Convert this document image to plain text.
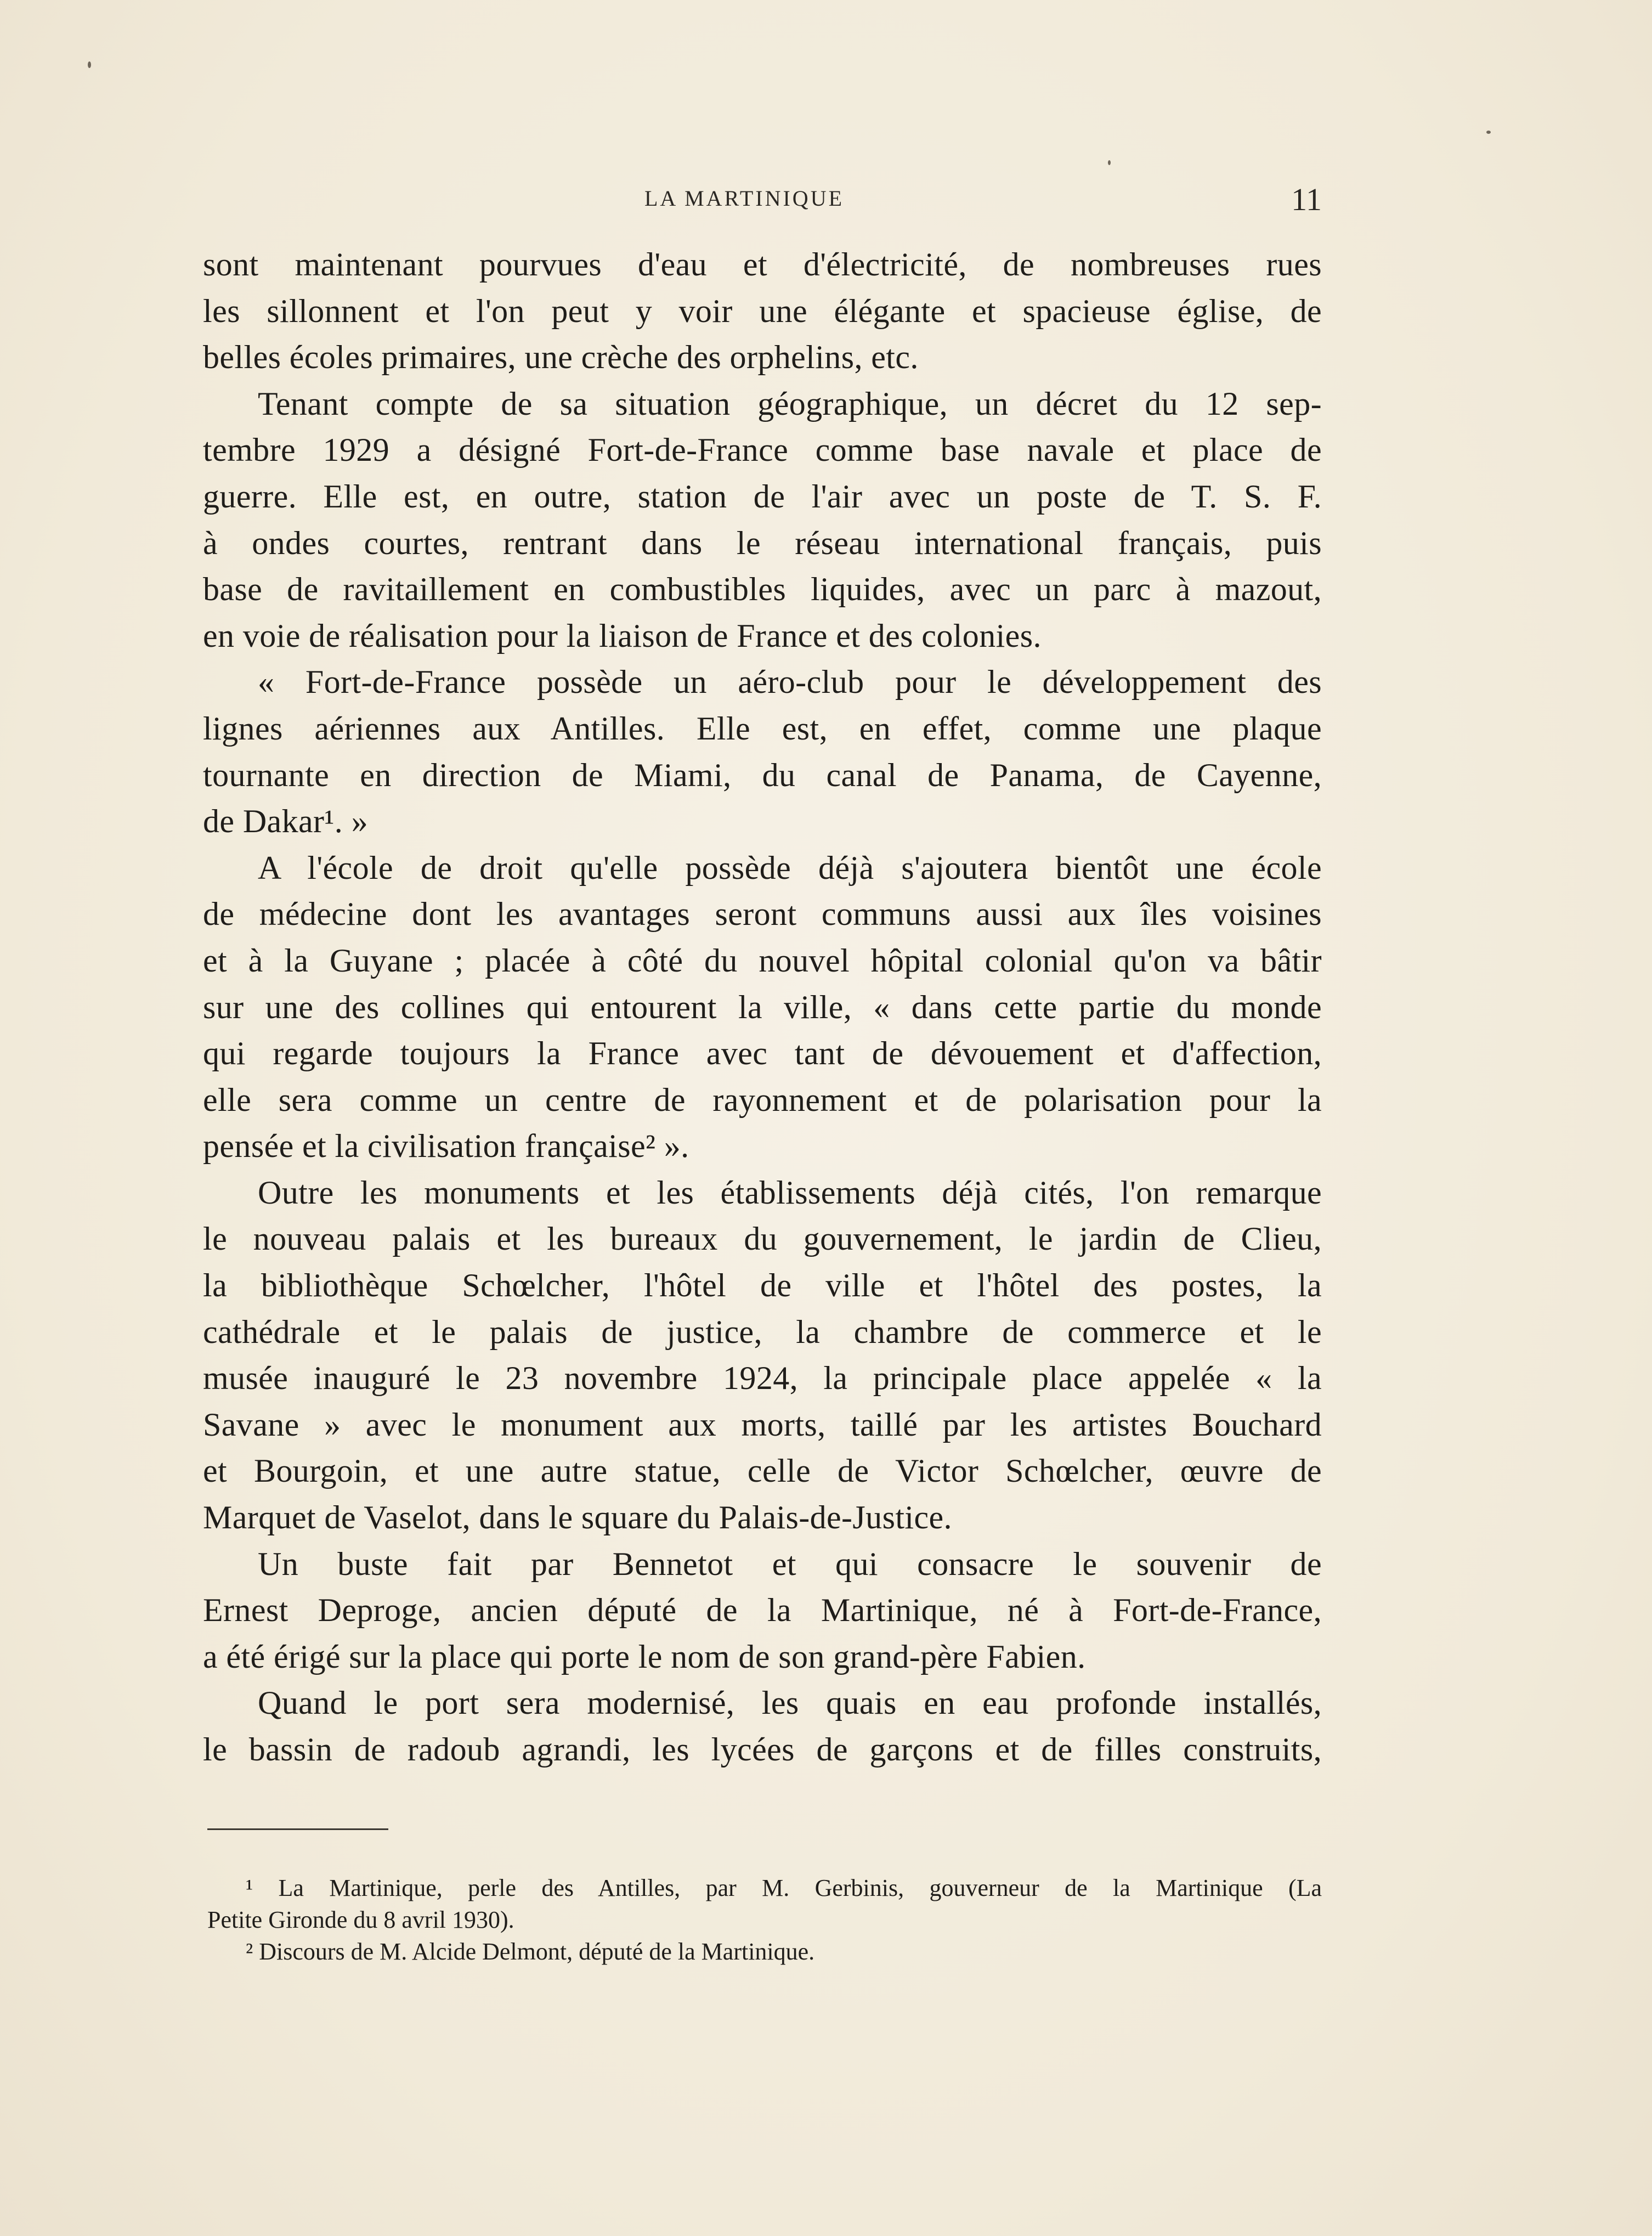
LA MARTINIQUE	11
sont maintenant pourvues d'eau et d'électricité, de nombreuses rues
les sillonnent et l'on peut y voir une élégante et spacieuse église, de
belles écoles primaires, une crèche des orphelins, etc.
Tenant compte de sa situation géographique, un décret du 12 sep-
tembre 1929 a désigné Fort-de-France comme base navale et place de
guerre. Elle est, en outre, station de l'air avec un poste de T. S. F.
à ondes courtes, rentrant dans le réseau international français, puis
base de ravitaillement en combustibles liquides, avec un parc à mazout,
en voie de réalisation pour la liaison de France et des colonies.
« Fort-de-France possède un aéro-club pour le développement des
lignes aériennes aux Antilles. Elle est, en effet, comme une plaque
tournante en direction de Miami, du canal de Panama, de Cayenne,
de Dakar¹. »
A l'école de droit qu'elle possède déjà s'ajoutera bientôt une école
de médecine dont les avantages seront communs aussi aux îles voisines
et à la Guyane ; placée à côté du nouvel hôpital colonial qu'on va bâtir
sur une des collines qui entourent la ville, « dans cette partie du monde
qui regarde toujours la France avec tant de dévouement et d'affection,
elle sera comme un centre de rayonnement et de polarisation pour la
pensée et la civilisation française² ».
Outre les monuments et les établissements déjà cités, l'on remarque
le nouveau palais et les bureaux du gouvernement, le jardin de Clieu,
la bibliothèque Schœlcher, l'hôtel de ville et l'hôtel des postes, la
cathédrale et le palais de justice, la chambre de commerce et le
musée inauguré le 23 novembre 1924, la principale place appelée « la
Savane » avec le monument aux morts, taillé par les artistes Bouchard
et Bourgoin, et une autre statue, celle de Victor Schœlcher, œuvre de
Marquet de Vaselot, dans le square du Palais-de-Justice.
Un buste fait par Bennetot et qui consacre le souvenir de
Ernest Deproge, ancien député de la Martinique, né à Fort-de-France,
a été érigé sur la place qui porte le nom de son grand-père Fabien.
Quand le port sera modernisé, les quais en eau profonde installés,
le bassin de radoub agrandi, les lycées de garçons et de filles construits,
¹ La Martinique, perle des Antilles, par M. Gerbinis, gouverneur de la Martinique (La
Petite Gironde du 8 avril 1930).
² Discours de M. Alcide Delmont, député de la Martinique.
